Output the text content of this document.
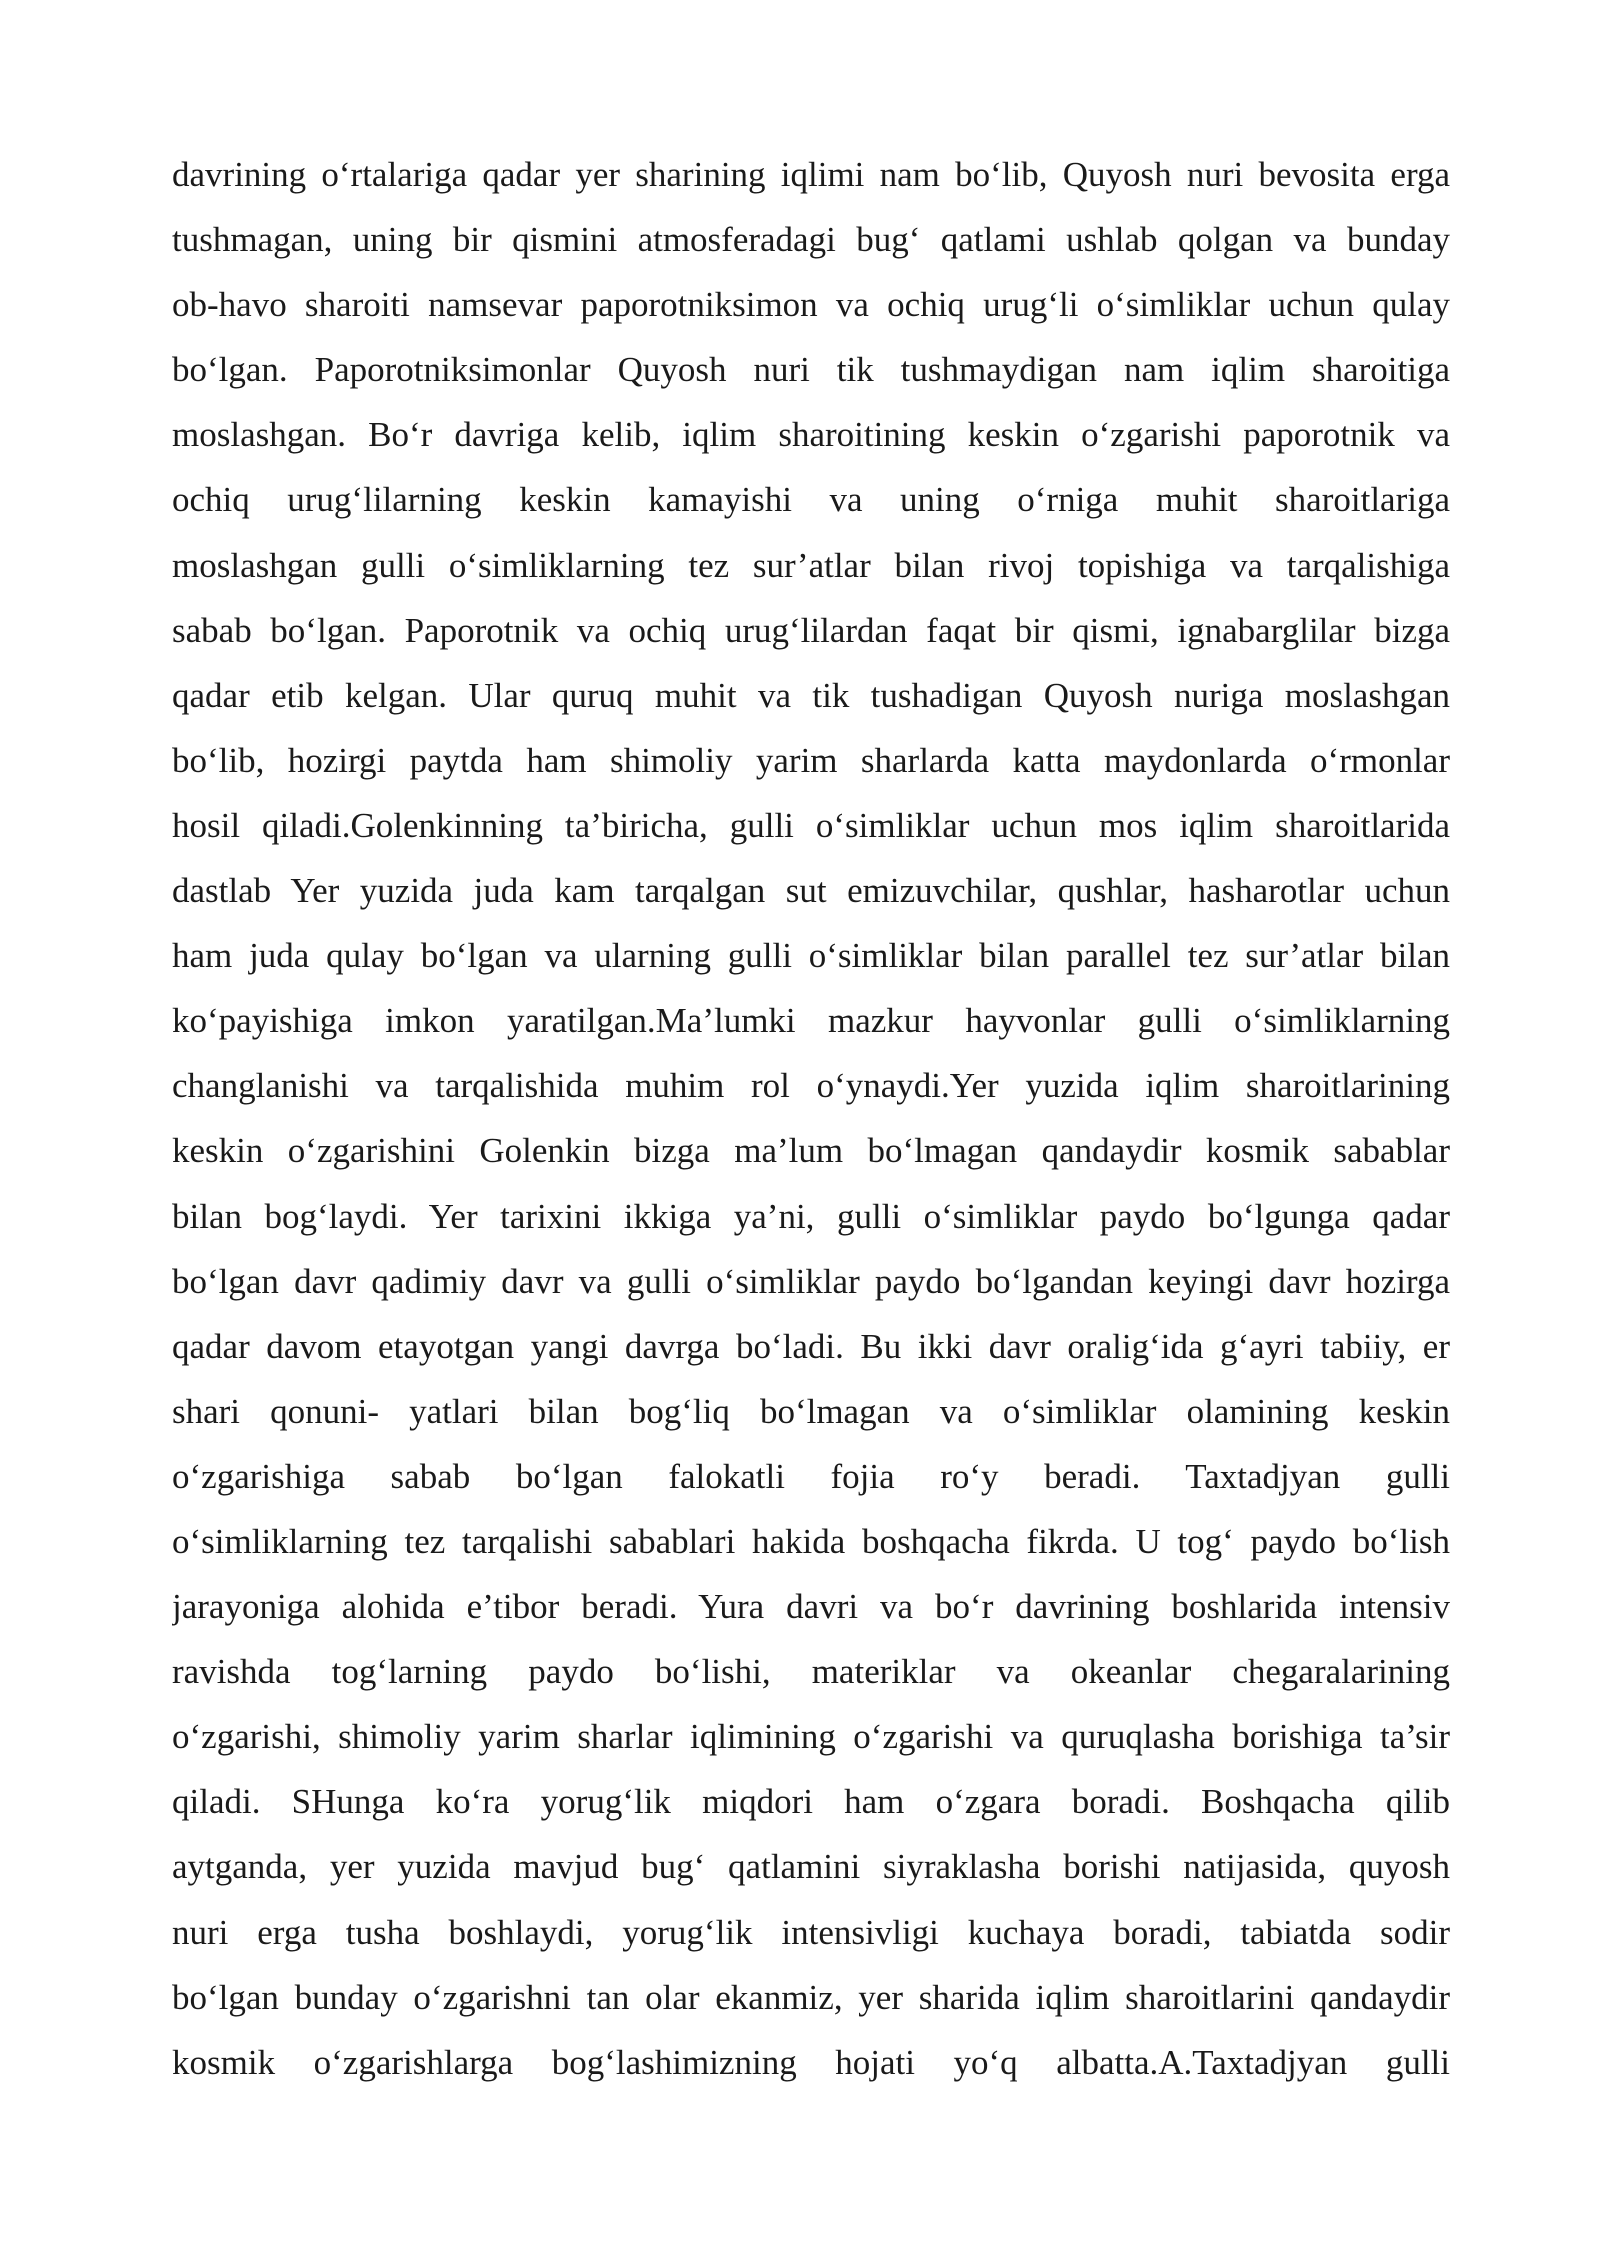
davrining o‘rtalariga qadar yer sharining iqlimi nam bo‘lib, Quyosh nuri bevosita erga
tushmagan, uning bir qismini atmosferadagi bug‘ qatlami ushlab qolgan va bunday
ob-havo sharoiti namsevar paporotniksimon va ochiq urug‘li o‘simliklar uchun qulay
bo‘lgan. Paporotniksimonlar Quyosh nuri tik tushmaydigan nam iqlim sharoitiga
moslashgan. Bo‘r davriga kelib, iqlim sharoitining keskin o‘zgarishi paporotnik va
ochiq urug‘lilarning keskin kamayishi va uning o‘rniga muhit sharoitlariga
moslashgan gulli o‘simliklarning tez sur’atlar bilan rivoj topishiga va tarqalishiga
sabab bo‘lgan. Paporotnik va ochiq urug‘lilardan faqat bir qismi, ignabarglilar bizga
qadar etib kelgan. Ular quruq muhit va tik tushadigan Quyosh nuriga moslashgan
bo‘lib, hozirgi paytda ham shimoliy yarim sharlarda katta maydonlarda o‘rmonlar
hosil qiladi.Golenkinning ta’biricha, gulli o‘simliklar uchun mos iqlim sharoitlarida
dastlab Yer yuzida juda kam tarqalgan sut emizuvchilar, qushlar, hasharotlar uchun
ham juda qulay bo‘lgan va ularning gulli o‘simliklar bilan parallel tez sur’atlar bilan
ko‘payishiga imkon yaratilgan.Ma’lumki mazkur hayvonlar gulli o‘simliklarning
changlanishi va tarqalishida muhim rol o‘ynaydi.Yer yuzida iqlim sharoitlarining
keskin o‘zgarishini Golenkin bizga ma’lum bo‘lmagan qandaydir kosmik sabablar
bilan bog‘laydi. Yer tarixini ikkiga ya’ni, gulli o‘simliklar paydo bo‘lgunga qadar
bo‘lgan davr qadimiy davr va gulli o‘simliklar paydo bo‘lgandan keyingi davr hozirga
qadar davom etayotgan yangi davrga bo‘ladi. Bu ikki davr oralig‘ida g‘ayri tabiiy, er
shari qonuni- yatlari bilan bog‘liq bo‘lmagan va o‘simliklar olamining keskin
o‘zgarishiga sabab bo‘lgan falokatli fojia ro‘y beradi. Taxtadjyan gulli
o‘simliklarning tez tarqalishi sabablari hakida boshqacha fikrda. U tog‘ paydo bo‘lish
jarayoniga alohida e’tibor beradi. Yura davri va bo‘r davrining boshlarida intensiv
ravishda tog‘larning paydo bo‘lishi, materiklar va okeanlar chegaralarining
o‘zgarishi, shimoliy yarim sharlar iqlimining o‘zgarishi va quruqlasha borishiga ta’sir
qiladi. SHunga ko‘ra yorug‘lik miqdori ham o‘zgara boradi. Boshqacha qilib
aytganda, yer yuzida mavjud bug‘ qatlamini siyraklasha borishi natijasida, quyosh
nuri erga tusha boshlaydi, yorug‘lik intensivligi kuchaya boradi, tabiatda sodir
bo‘lgan bunday o‘zgarishni tan olar ekanmiz, yer sharida iqlim sharoitlarini qandaydir
kosmik o‘zgarishlarga bog‘lashimizning hojati yo‘q albatta.A.Taxtadjyan gulli
